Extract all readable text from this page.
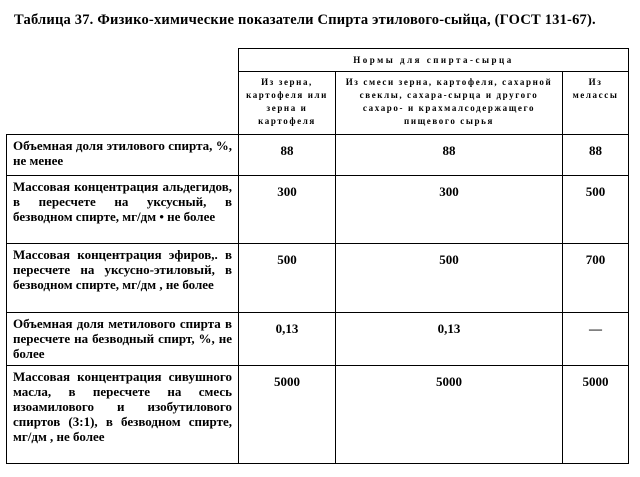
Таблица 37. Физико-химические показатели Спирта этилового-сыйца, (ГОСТ 131-67).
	Нормы для спирта-сырца		
	Из зерна, картофеля или зерна и картофеля	Из смеси зерна, картофеля, сахарной свеклы, сахара-сырца и другого сахаро- и крахмалсодержащего пищевого сырья	Из мелассы
Объемная доля этилового спирта, %, не менее	88	88	88
Массовая концентрация альдегидов, в пересчете на уксусный, в безводном спирте, мг/дм • не более	300	300	500
Массовая концентрация эфиров,. в пересчете на уксусно-этиловый, в безводном спирте, мг/дм , не более	500	500	700
Объемная доля метилового спирта в пересчете на безводный спирт, %, не более	0,13	0,13	—
Массовая концентрация сивушного масла, в пересчете на смесь изоамилового и изобутилового спиртов (3:1), в безводном спирте, мг/дм , не более	5000	5000	5000
